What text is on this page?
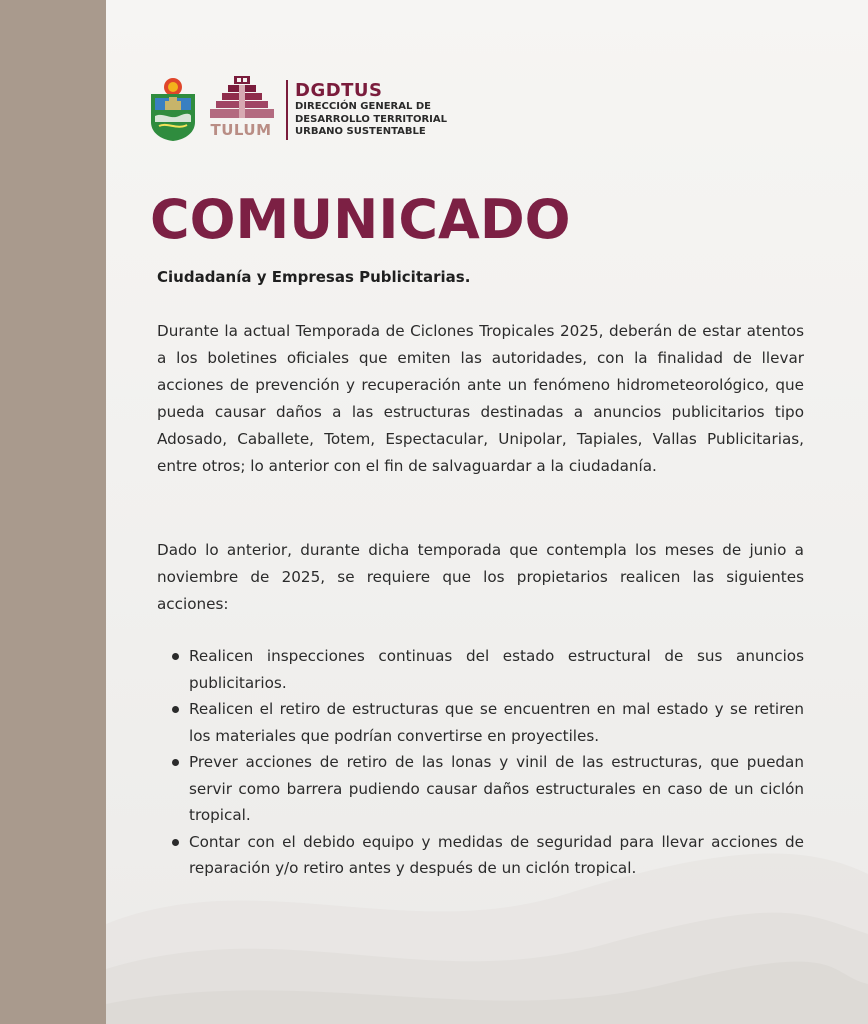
TULUM
DGDTUS
DIRECCIÓN GENERAL DE
DESARROLLO TERRITORIAL
URBANO SUSTENTABLE
COMUNICADO
Ciudadanía y Empresas Publicitarias.

Durante la actual Temporada de Ciclones Tropicales 2025, deberán de estar atentos a los boletines oficiales que emiten las autoridades, con la finalidad de llevar acciones de prevención y recuperación ante un fenómeno hidrometeorológico, que pueda causar daños a las estructuras destinadas a anuncios publicitarios tipo Adosado, Caballete, Totem, Espectacular, Unipolar, Tapiales, Vallas Publicitarias, entre otros; lo anterior con el fin de salvaguardar a la ciudadanía.

Dado lo anterior, durante dicha temporada que contempla los meses de junio a noviembre de 2025, se requiere que los propietarios realicen las siguientes acciones:

Realicen inspecciones continuas del estado estructural de sus anuncios publicitarios.
Realicen el retiro de estructuras que se encuentren en mal estado y se retiren los materiales que podrían convertirse en proyectiles.
Prever acciones de retiro de las lonas y vinil de las estructuras, que puedan servir como barrera pudiendo causar daños estructurales en caso de un ciclón tropical.
Contar con el debido equipo y medidas de seguridad para llevar acciones de reparación y/o retiro antes y después de un ciclón tropical.
